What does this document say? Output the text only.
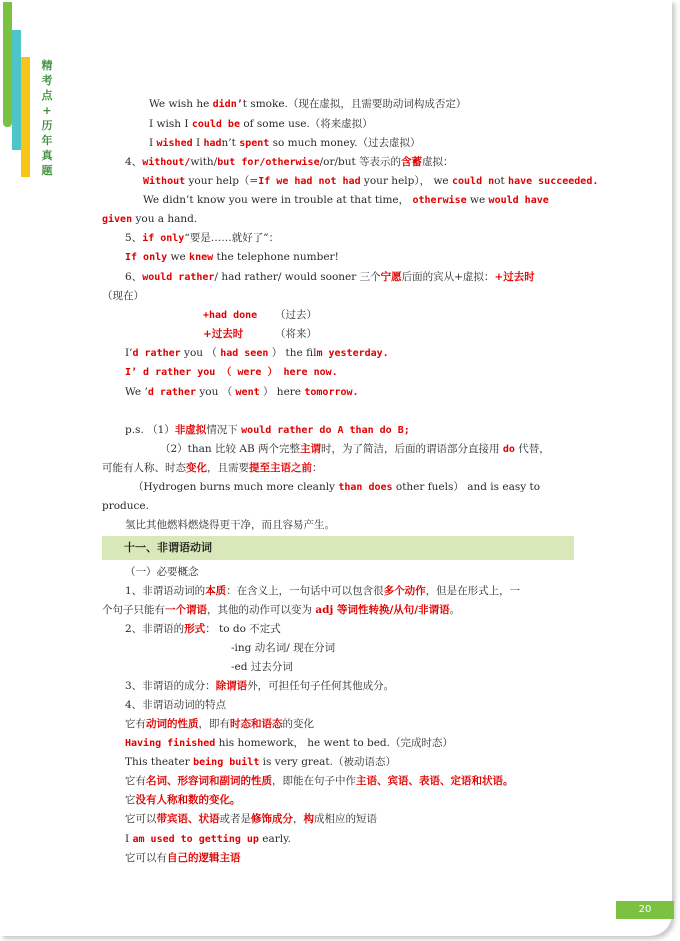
精
考
点
+
历
年
真
题
We wish he didn’t smoke.（现在虚拟，且需要助动词构成否定）
I wish I could be of some use.（将来虚拟）
I wished I hadn’t spent so much money.（过去虚拟）
4、without/with/but for/otherwise/or/but 等表示的含蓄虚拟：
Without your help（=If we had not had your help）， we could not have succeeded.
We didn’t know you were in trouble at that time， otherwise we would have
given you a hand.
5、if only“要是……就好了”：
If only we knew the telephone number!
6、would rather/ had rather/ would sooner 三个宁愿后面的宾从+虚拟：+过去时
（现在）
+had done （过去）
+过去时	（将来）
I’d rather you （ had seen ） the film yesterday.
I’ d rather you （ were ） here now.
We ’d rather you （ went ） here tomorrow.
p.s. （1）非虚拟情况下 would rather do A than do B;
（2）than 比较 AB 两个完整主谓时，为了简洁，后面的谓语部分直接用 do 代替，
可能有人称、时态变化，且需要提至主语之前：
（Hydrogen burns much more cleanly than does other fuels） and is easy to
produce.
氢比其他燃料燃烧得更干净，而且容易产生。
十一、非谓语动词
（一）必要概念
1、非谓语动词的本质：在含义上，一句话中可以包含很多个动作，但是在形式上，一
个句子只能有一个谓语，其他的动作可以变为 adj 等词性转换/从句/非谓语。
2、非谓语的形式： to do 不定式
-ing 动名词/ 现在分词
-ed 过去分词
3、非谓语的成分：除谓语外，可担任句子任何其他成分。
4、非谓语动词的特点
它有动词的性质，即有时态和语态的变化
Having finished his homework， he went to bed.（完成时态）
This theater being built is very great.（被动语态）
它有名词、形容词和副词的性质，即能在句子中作主语、宾语、表语、定语和状语。
它没有人称和数的变化。
它可以带宾语、状语或者是修饰成分，构成相应的短语
I am used to getting up early.
它可以有自己的逻辑主语
20
